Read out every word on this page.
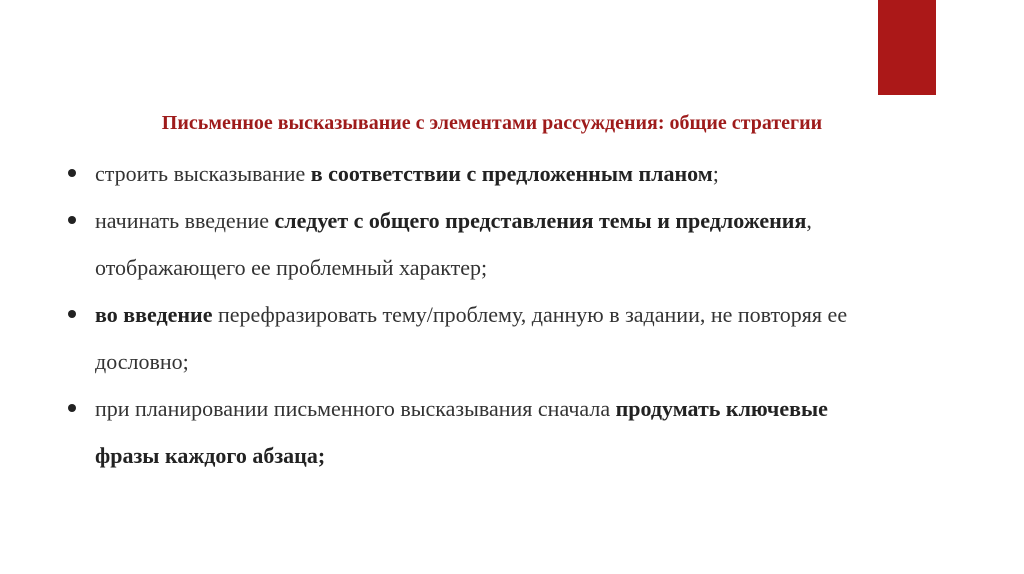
Письменное высказывание с элементами рассуждения: общие стратегии
строить высказывание в соответствии с предложенным планом;
начинать введение следует с общего представления темы и предложения, отображающего ее проблемный характер;
во введение перефразировать тему/проблему, данную в задании, не повторяя ее дословно;
при планировании письменного высказывания сначала продумать ключевые фразы каждого абзаца;
